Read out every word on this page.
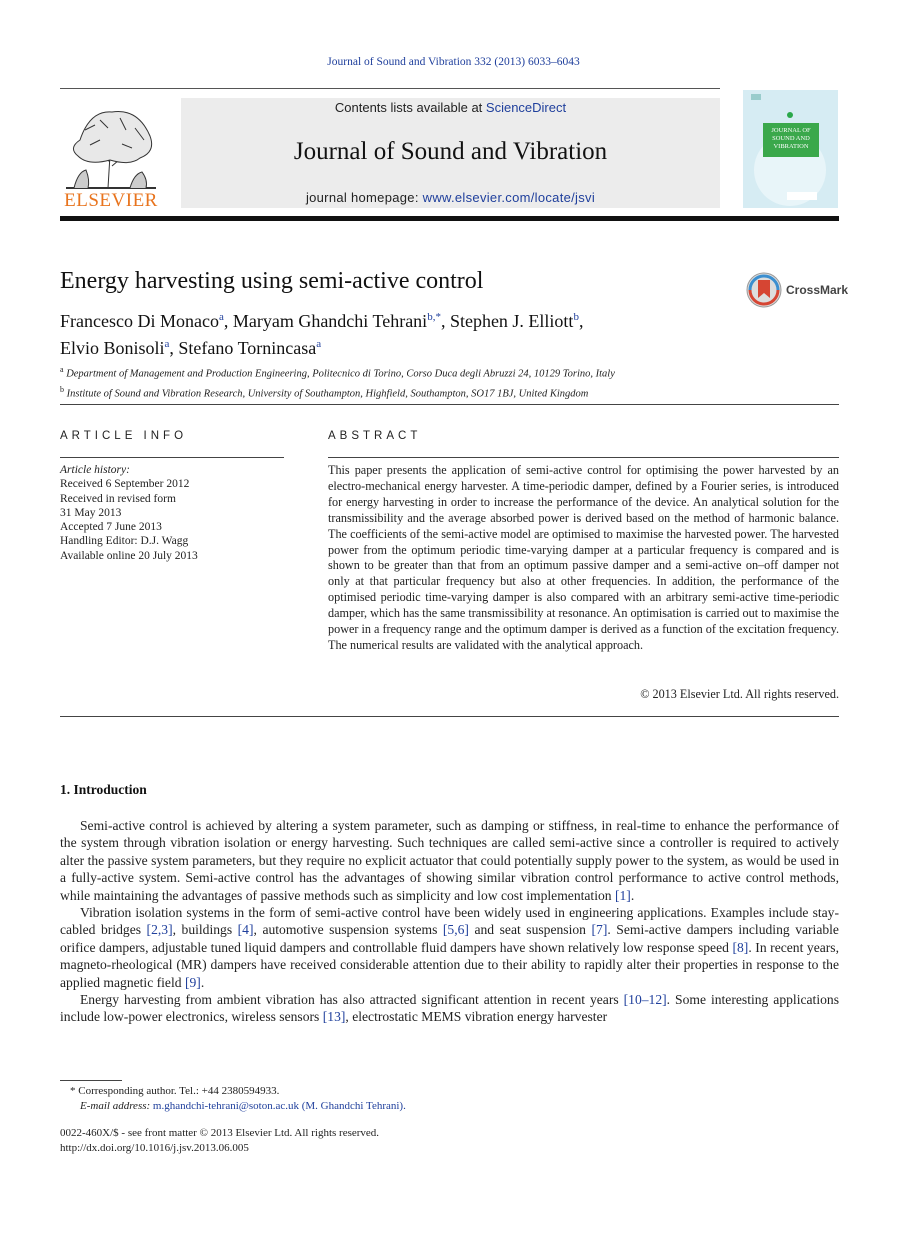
Journal of Sound and Vibration 332 (2013) 6033–6043
ELSEVIER
Contents lists available at ScienceDirect
Journal of Sound and Vibration
journal homepage: www.elsevier.com/locate/jsvi
JOURNAL OF
SOUND AND
VIBRATION
Energy harvesting using semi-active control	CrossMark
Francesco Di Monaco$^a$, Maryam Ghandchi Tehrani$^{b,*}$, Stephen J. Elliott$^b$,
Elvio Bonisoli$^a$, Stefano Tornincasa$^a$
$^a$ Department of Management and Production Engineering, Politecnico di Torino, Corso Duca degli Abruzzi 24, 10129 Torino, Italy
$^b$ Institute of Sound and Vibration Research, University of Southampton, Highfield, Southampton, SO17 1BJ, United Kingdom
ARTICLE INFO
Article history:
Received 6 September 2012
Received in revised form
31 May 2013
Accepted 7 June 2013
Handling Editor: D.J. Wagg
Available online 20 July 2013
ABSTRACT
This paper presents the application of semi-active control for optimising the power harvested by an electro-mechanical energy harvester. A time-periodic damper, defined by a Fourier series, is introduced for energy harvesting in order to increase the performance of the device. An analytical solution for the transmissibility and the average absorbed power is derived based on the method of harmonic balance. The coefficients of the semi-active model are optimised to maximise the harvested power. The harvested power from the optimum periodic time-varying damper at a particular frequency is compared and is shown to be greater than that from an optimum passive damper and a semi-active on–off damper not only at that particular frequency but also at other frequencies. In addition, the performance of the optimised periodic time-varying damper is also compared with an arbitrary semi-active time-periodic damper, which has the same transmissibility at resonance. An optimisation is carried out to maximise the power in a frequency range and the optimum damper is derived as a function of the excitation frequency. The numerical results are validated with the analytical approach.
© 2013 Elsevier Ltd. All rights reserved.
1. Introduction

Semi-active control is achieved by altering a system parameter, such as damping or stiffness, in real-time to enhance the performance of the system through vibration isolation or energy harvesting. Such techniques are called semi-active since a controller is required to actively alter the passive system parameters, but they require no explicit actuator that could potentially supply power to the system, as would be used in a fully-active system. Semi-active control has the advantages of showing similar vibration control performance to active control methods, while maintaining the advantages of passive methods such as simplicity and low cost implementation [1].

Vibration isolation systems in the form of semi-active control have been widely used in engineering applications. Examples include stay-cabled bridges [2,3], buildings [4], automotive suspension systems [5,6] and seat suspension [7]. Semi-active dampers including variable orifice dampers, adjustable tuned liquid dampers and controllable fluid dampers have shown relatively low response speed [8]. In recent years, magneto-rheological (MR) dampers have received considerable attention due to their ability to rapidly alter their properties in response to the applied magnetic field [9].

Energy harvesting from ambient vibration has also attracted significant attention in recent years [10–12]. Some interesting applications include low-power electronics, wireless sensors [13], electrostatic MEMS vibration energy harvester

* Corresponding author. Tel.: +44 2380594933.
E-mail address: m.ghandchi-tehrani@soton.ac.uk (M. Ghandchi Tehrani).
0022-460X/$ - see front matter © 2013 Elsevier Ltd. All rights reserved.
http://dx.doi.org/10.1016/j.jsv.2013.06.005
